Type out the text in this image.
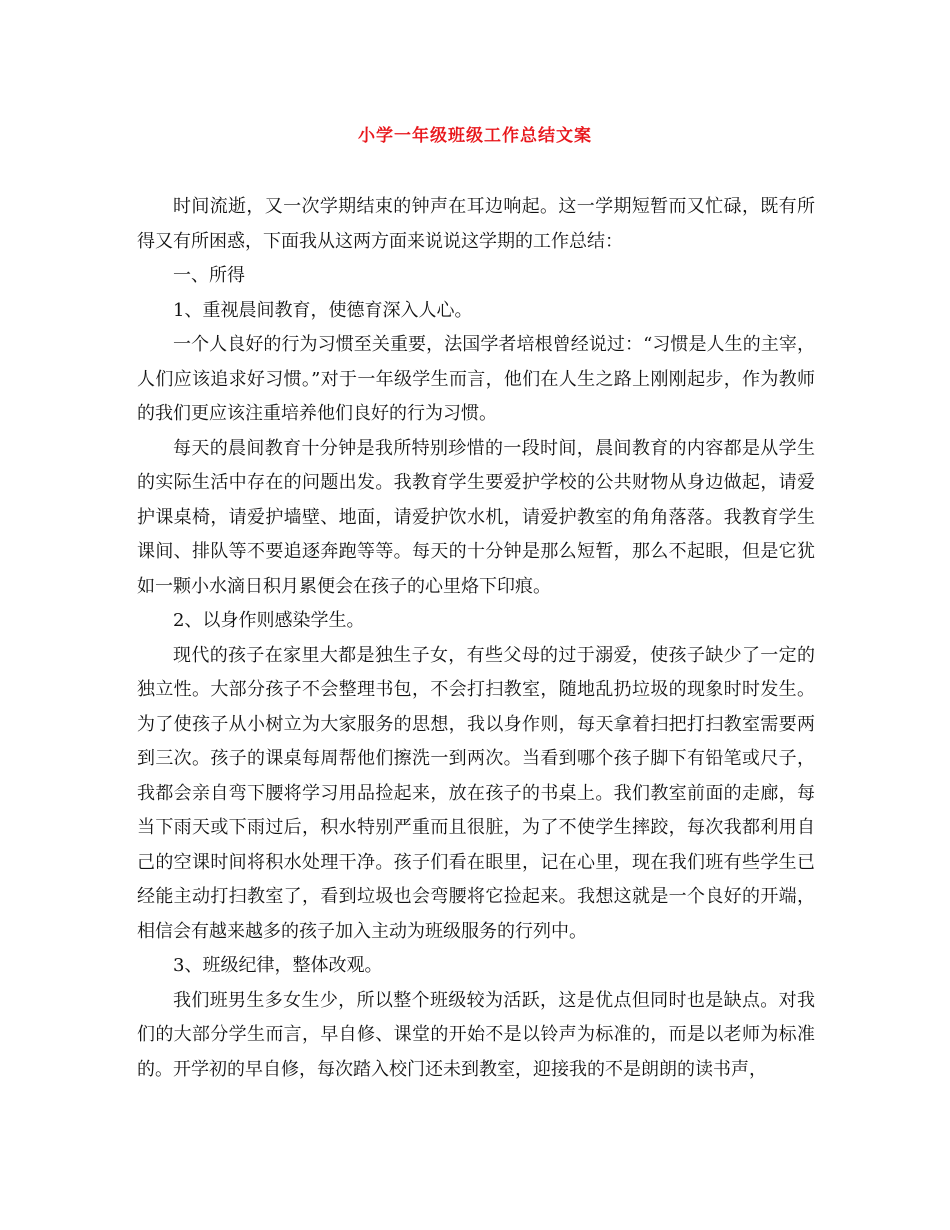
小学一年级班级工作总结文案

时间流逝，又一次学期结束的钟声在耳边响起。这一学期短暂而又忙碌，既有所得又有所困惑，下面我从这两方面来说说这学期的工作总结：

一、所得

1、重视晨间教育，使德育深入人心。

一个人良好的行为习惯至关重要，法国学者培根曾经说过：“习惯是人生的主宰，人们应该追求好习惯。”对于一年级学生而言，他们在人生之路上刚刚起步，作为教师的我们更应该注重培养他们良好的行为习惯。

每天的晨间教育十分钟是我所特别珍惜的一段时间，晨间教育的内容都是从学生的实际生活中存在的问题出发。我教育学生要爱护学校的公共财物从身边做起，请爱护课桌椅，请爱护墙壁、地面，请爱护饮水机，请爱护教室的角角落落。我教育学生课间、排队等不要追逐奔跑等等。每天的十分钟是那么短暂，那么不起眼，但是它犹如一颗小水滴日积月累便会在孩子的心里烙下印痕。

2、以身作则感染学生。

现代的孩子在家里大都是独生子女，有些父母的过于溺爱，使孩子缺少了一定的独立性。大部分孩子不会整理书包，不会打扫教室，随地乱扔垃圾的现象时时发生。为了使孩子从小树立为大家服务的思想，我以身作则，每天拿着扫把打扫教室需要两到三次。孩子的课桌每周帮他们擦洗一到两次。当看到哪个孩子脚下有铅笔或尺子，我都会亲自弯下腰将学习用品捡起来，放在孩子的书桌上。我们教室前面的走廊，每当下雨天或下雨过后，积水特别严重而且很脏，为了不使学生摔跤，每次我都利用自己的空课时间将积水处理干净。孩子们看在眼里，记在心里，现在我们班有些学生已经能主动打扫教室了，看到垃圾也会弯腰将它捡起来。我想这就是一个良好的开端，相信会有越来越多的孩子加入主动为班级服务的行列中。

3、班级纪律，整体改观。

我们班男生多女生少，所以整个班级较为活跃，这是优点但同时也是缺点。对我们的大部分学生而言，早自修、课堂的开始不是以铃声为标准的，而是以老师为标准的。开学初的早自修，每次踏入校门还未到教室，迎接我的不是朗朗的读书声，
